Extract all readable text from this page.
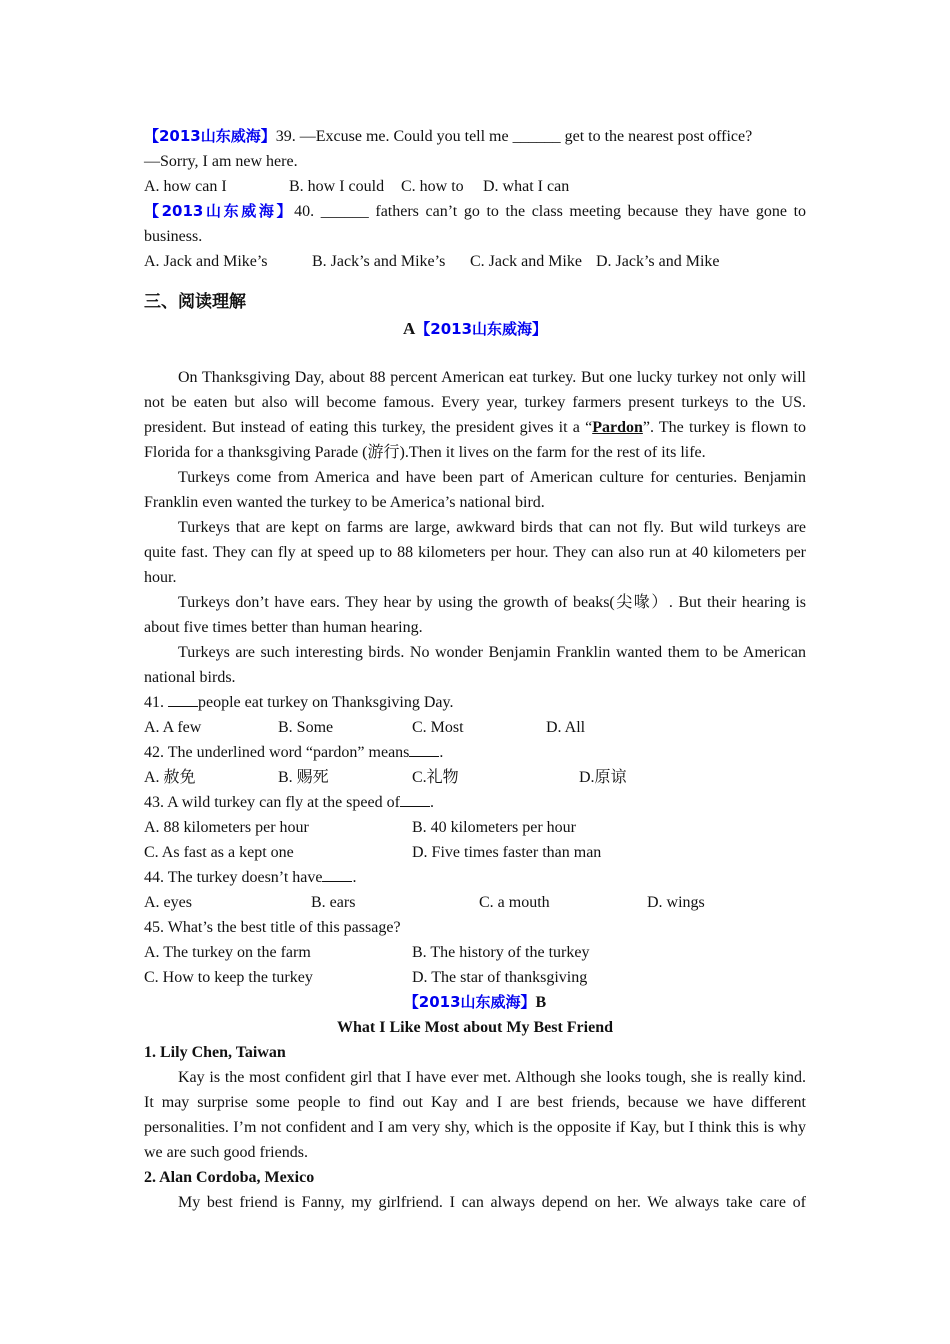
【2013山东威海】39. —Excuse me. Could you tell me ______ get to the nearest post office?
—Sorry, I am new here.
A. how can I	B. how I could	C. how to	D. what I can
【2013山东威海】40. ______ fathers can’t go to the class meeting because they have gone to
business.
A. Jack and Mike’s	B. Jack’s and Mike’s	C. Jack and Mike D. Jack’s and Mike
三、阅读理解
A【2013山东威海】

On Thanksgiving Day, about 88 percent American eat turkey. But one lucky turkey not only will not be eaten but also will become famous. Every year, turkey farmers present turkeys to the US. president. But instead of eating this turkey, the president gives it a “Pardon”. The turkey is flown to Florida for a thanksgiving Parade (游行).Then it lives on the farm for the rest of its life.

Turkeys come from America and have been part of American culture for centuries. Benjamin Franklin even wanted the turkey to be America’s national bird.

Turkeys that are kept on farms are large, awkward birds that can not fly. But wild turkeys are quite fast. They can fly at speed up to 88 kilometers per hour. They can also run at 40 kilometers per hour.

Turkeys don’t have ears. They hear by using the growth of beaks(尖喙）. But their hearing is about five times better than human hearing.

Turkeys are such interesting birds. No wonder Benjamin Franklin wanted them to be American national birds.

41. people eat turkey on Thanksgiving Day.
A. A few	B. Some	C. Most	D. All
42. The underlined word “pardon” means .
A. 赦免	B. 赐死	C.礼物	D.原谅
43. A wild turkey can fly at the speed of .
A. 88 kilometers per hour	B. 40 kilometers per hour
C. As fast as a kept one	D. Five times faster than man
44. The turkey doesn’t have .
A. eyes	B. ears	C. a mouth	D. wings
45. What’s the best title of this passage?
A. The turkey on the farm	B. The history of the turkey
C. How to keep the turkey	D. The star of thanksgiving
【2013山东威海】B
What I Like Most about My Best Friend
1. Lily Chen, Taiwan

Kay is the most confident girl that I have ever met. Although she looks tough, she is really kind. It may surprise some people to find out Kay and I are best friends, because we have different personalities. I’m not confident and I am very shy, which is the opposite if Kay, but I think this is why we are such good friends.

2. Alan Cordoba, Mexico
My best friend is Fanny, my girlfriend. I can always depend on her. We always take care of
